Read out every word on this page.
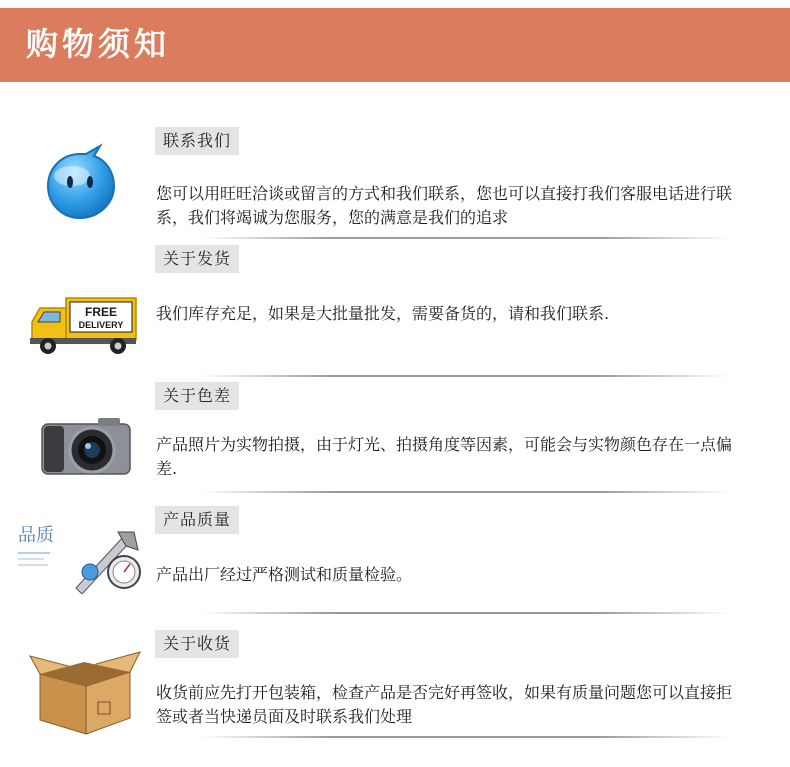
购物须知
联系我们
您可以用旺旺洽谈或留言的方式和我们联系，您也可以直接打我们客服电话进行联系，我们将竭诚为您服务，您的满意是我们的追求
FREE
DELIVERY
关于发货
我们库存充足，如果是大批量批发，需要备货的，请和我们联系.
关于色差
产品照片为实物拍摄，由于灯光、拍摄角度等因素，可能会与实物颜色存在一点偏差.
品质
产品质量
产品出厂经过严格测试和质量检验。
关于收货
收货前应先打开包装箱，检查产品是否完好再签收，如果有质量问题您可以直接拒签或者当快递员面及时联系我们处理
